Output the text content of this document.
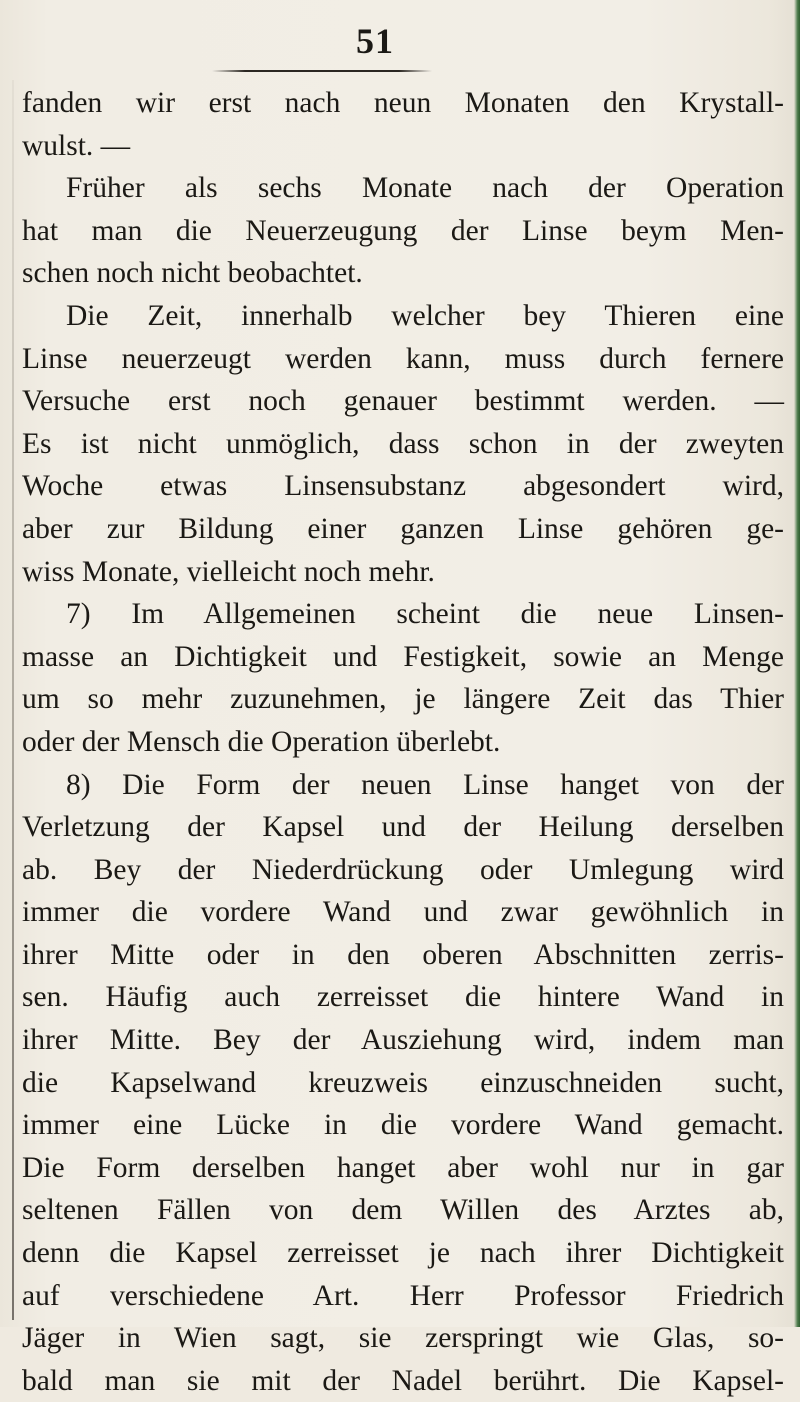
51
fanden wir erst nach neun Monaten den Krystall-
wulst. —
Früher als sechs Monate nach der Operation
hat man die Neuerzeugung der Linse beym Men-
schen noch nicht beobachtet.
Die Zeit, innerhalb welcher bey Thieren eine
Linse neuerzeugt werden kann, muss durch fernere
Versuche erst noch genauer bestimmt werden. —
Es ist nicht unmöglich, dass schon in der zweyten
Woche etwas Linsensubstanz abgesondert wird,
aber zur Bildung einer ganzen Linse gehören ge-
wiss Monate, vielleicht noch mehr.
7) Im Allgemeinen scheint die neue Linsen-
masse an Dichtigkeit und Festigkeit, sowie an Menge
um so mehr zuzunehmen, je längere Zeit das Thier
oder der Mensch die Operation überlebt.
8) Die Form der neuen Linse hanget von der
Verletzung der Kapsel und der Heilung derselben
ab. Bey der Niederdrückung oder Umlegung wird
immer die vordere Wand und zwar gewöhnlich in
ihrer Mitte oder in den oberen Abschnitten zerris-
sen. Häufig auch zerreisset die hintere Wand in
ihrer Mitte. Bey der Ausziehung wird, indem man
die Kapselwand kreuzweis einzuschneiden sucht,
immer eine Lücke in die vordere Wand gemacht.
Die Form derselben hanget aber wohl nur in gar
seltenen Fällen von dem Willen des Arztes ab,
denn die Kapsel zerreisset je nach ihrer Dichtigkeit
auf verschiedene Art. Herr Professor Friedrich
Jäger in Wien sagt, sie zerspringt wie Glas, so-
bald man sie mit der Nadel berührt. Die Kapsel-
